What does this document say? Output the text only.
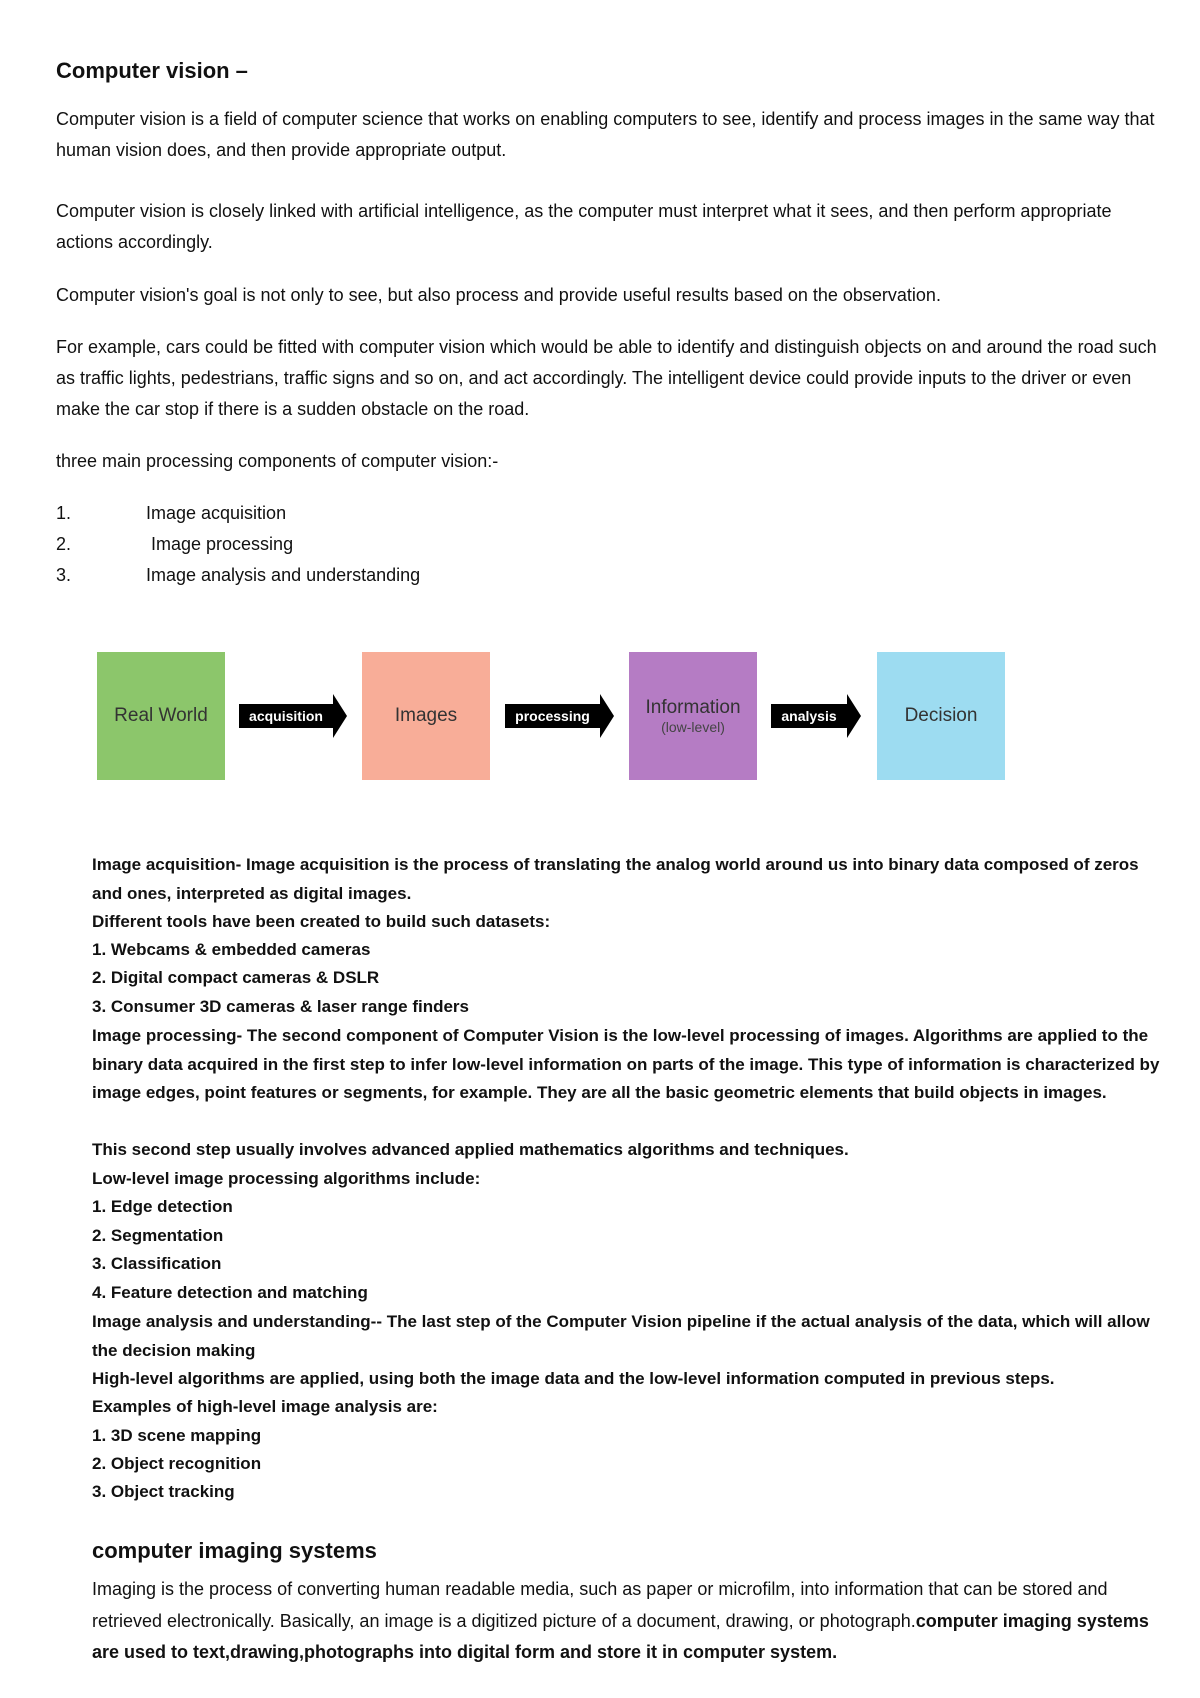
Computer vision –
Computer vision is a field of computer science that works on enabling computers to see, identify and process images in the same way that human vision does, and then provide appropriate output.
Computer vision is closely linked with artificial intelligence, as the computer must interpret what it sees, and then perform appropriate actions accordingly.
Computer vision's goal is not only to see, but also process and provide useful results based on the observation.
For example, cars could be fitted with computer vision which would be able to identify and distinguish objects on and around the road such as traffic lights, pedestrians, traffic signs and so on, and act accordingly. The intelligent device could provide inputs to the driver or even make the car stop if there is a sudden obstacle on the road.
three main processing components of computer vision:-
1.	Image acquisition
2.	Image processing
3.	Image analysis and understanding
Real World	acquisition	Images	processing	Information
(low-level)
analysis	Decision
Image acquisition- Image acquisition is the process of translating the analog world around us into binary data composed of zeros and ones, interpreted as digital images.
Different tools have been created to build such datasets:
1. Webcams & embedded cameras
2. Digital compact cameras & DSLR
3. Consumer 3D cameras & laser range finders
Image processing- The second component of Computer Vision is the low-level processing of images. Algorithms are applied to the binary data acquired in the first step to infer low-level information on parts of the image. This type of information is characterized by image edges, point features or segments, for example. They are all the basic geometric elements that build objects in images.
This second step usually involves advanced applied mathematics algorithms and techniques.
Low-level image processing algorithms include:
1. Edge detection
2. Segmentation
3. Classification
4. Feature detection and matching
Image analysis and understanding-- The last step of the Computer Vision pipeline if the actual analysis of the data, which will allow the decision making
High-level algorithms are applied, using both the image data and the low-level information computed in previous steps.
Examples of high-level image analysis are:
1. 3D scene mapping
2. Object recognition
3. Object tracking
computer imaging systems
Imaging is the process of converting human readable media, such as paper or microfilm, into information that can be stored and retrieved electronically. Basically, an image is a digitized picture of a document, drawing, or photograph.computer imaging systems are used to text,drawing,photographs into digital form and store it in computer system.
